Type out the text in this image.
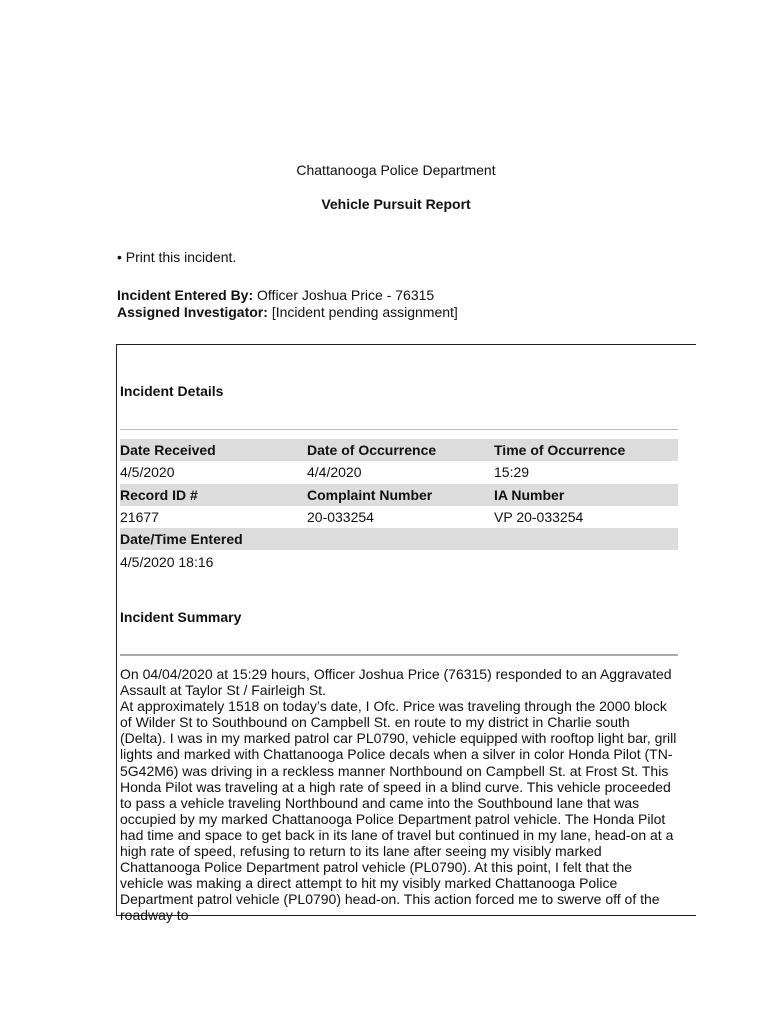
Chattanooga Police Department
Vehicle Pursuit Report
• Print this incident.
Incident Entered By: Officer Joshua Price - 76315
Assigned Investigator: [Incident pending assignment]
Incident Details
Date Received	Date of Occurrence	Time of Occurrence
4/5/2020	4/4/2020	15:29
Record ID #	Complaint Number	IA Number
21677	20-033254	VP 20-033254
Date/Time Entered
4/5/2020 18:16
Incident Summary

On 04/04/2020 at 15:29 hours, Officer Joshua Price (76315) responded to an Aggravated Assault at Taylor St / Fairleigh St.

At approximately 1518 on today’s date, I Ofc. Price was traveling through the 2000 block of Wilder St to Southbound on Campbell St. en route to my district in Charlie south (Delta). I was in my marked patrol car PL0790, vehicle equipped with rooftop light bar, grill lights and marked with Chattanooga Police decals when a silver in color Honda Pilot (TN-5G42M6) was driving in a reckless manner Northbound on Campbell St. at Frost St. This Honda Pilot was traveling at a high rate of speed in a blind curve. This vehicle proceeded to pass a vehicle traveling Northbound and came into the Southbound lane that was occupied by my marked Chattanooga Police Department patrol vehicle. The Honda Pilot had time and space to get back in its lane of travel but continued in my lane, head-on at a high rate of speed, refusing to return to its lane after seeing my visibly marked Chattanooga Police Department patrol vehicle (PL0790). At this point, I felt that the vehicle was making a direct attempt to hit my visibly marked Chattanooga Police Department patrol vehicle (PL0790) head-on. This action forced me to swerve off of the roadway to
